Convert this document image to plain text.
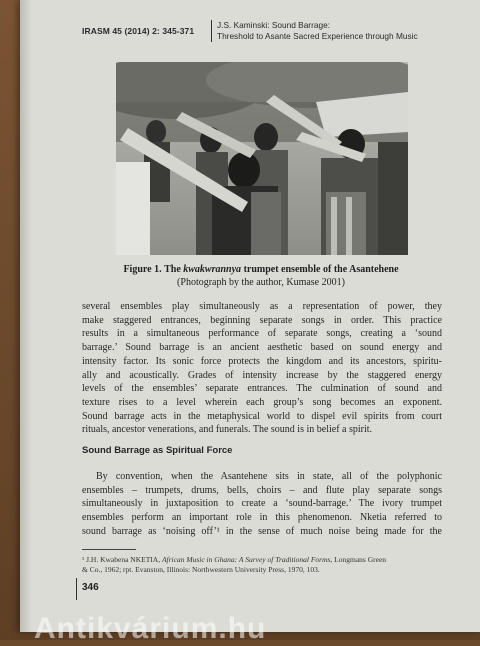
IRASM 45 (2014) 2: 345-371
J.S. Kaminski: Sound Barrage:
Threshold to Asante Sacred Experience through Music
Figure 1. The kwakwrannya trumpet ensemble of the Asantehene
(Photograph by the author, Kumase 2001)
several ensembles play simultaneously as a representation of power, they
make staggered entrances, beginning separate songs in order. This practice
results in a simultaneous performance of separate songs, creating a ‘sound
barrage.’ Sound barrage is an ancient aesthetic based on sound energy and
intensity factor. Its sonic force protects the kingdom and its ancestors, spiritu-
ally and acoustically. Grades of intensity increase by the staggered energy
levels of the ensembles’ separate entrances. The culmination of sound and
texture rises to a level wherein each group’s song becomes an exponent.
Sound barrage acts in the metaphysical world to dispel evil spirits from court
rituals, ancestor venerations, and funerals. The sound is in belief a spirit.
Sound Barrage as Spiritual Force
By convention, when the Asantehene sits in state, all of the polyphonic
ensembles – trumpets, drums, bells, choirs – and flute play separate songs
simultaneously in juxtaposition to create a ‘sound-barrage.’ The ivory trumpet
ensembles perform an important role in this phenomenon. Nketia referred to
sound barrage as ‘noising off’¹ in the sense of much noise being made for the
¹ J.H. Kwabena NKETIA, African Music in Ghana: A Survey of Traditional Forms, Longmans Green
& Co., 1962; rpt. Evanston, Illinois: Northwestern University Press, 1970, 103.
346
Antikvárium.hu
